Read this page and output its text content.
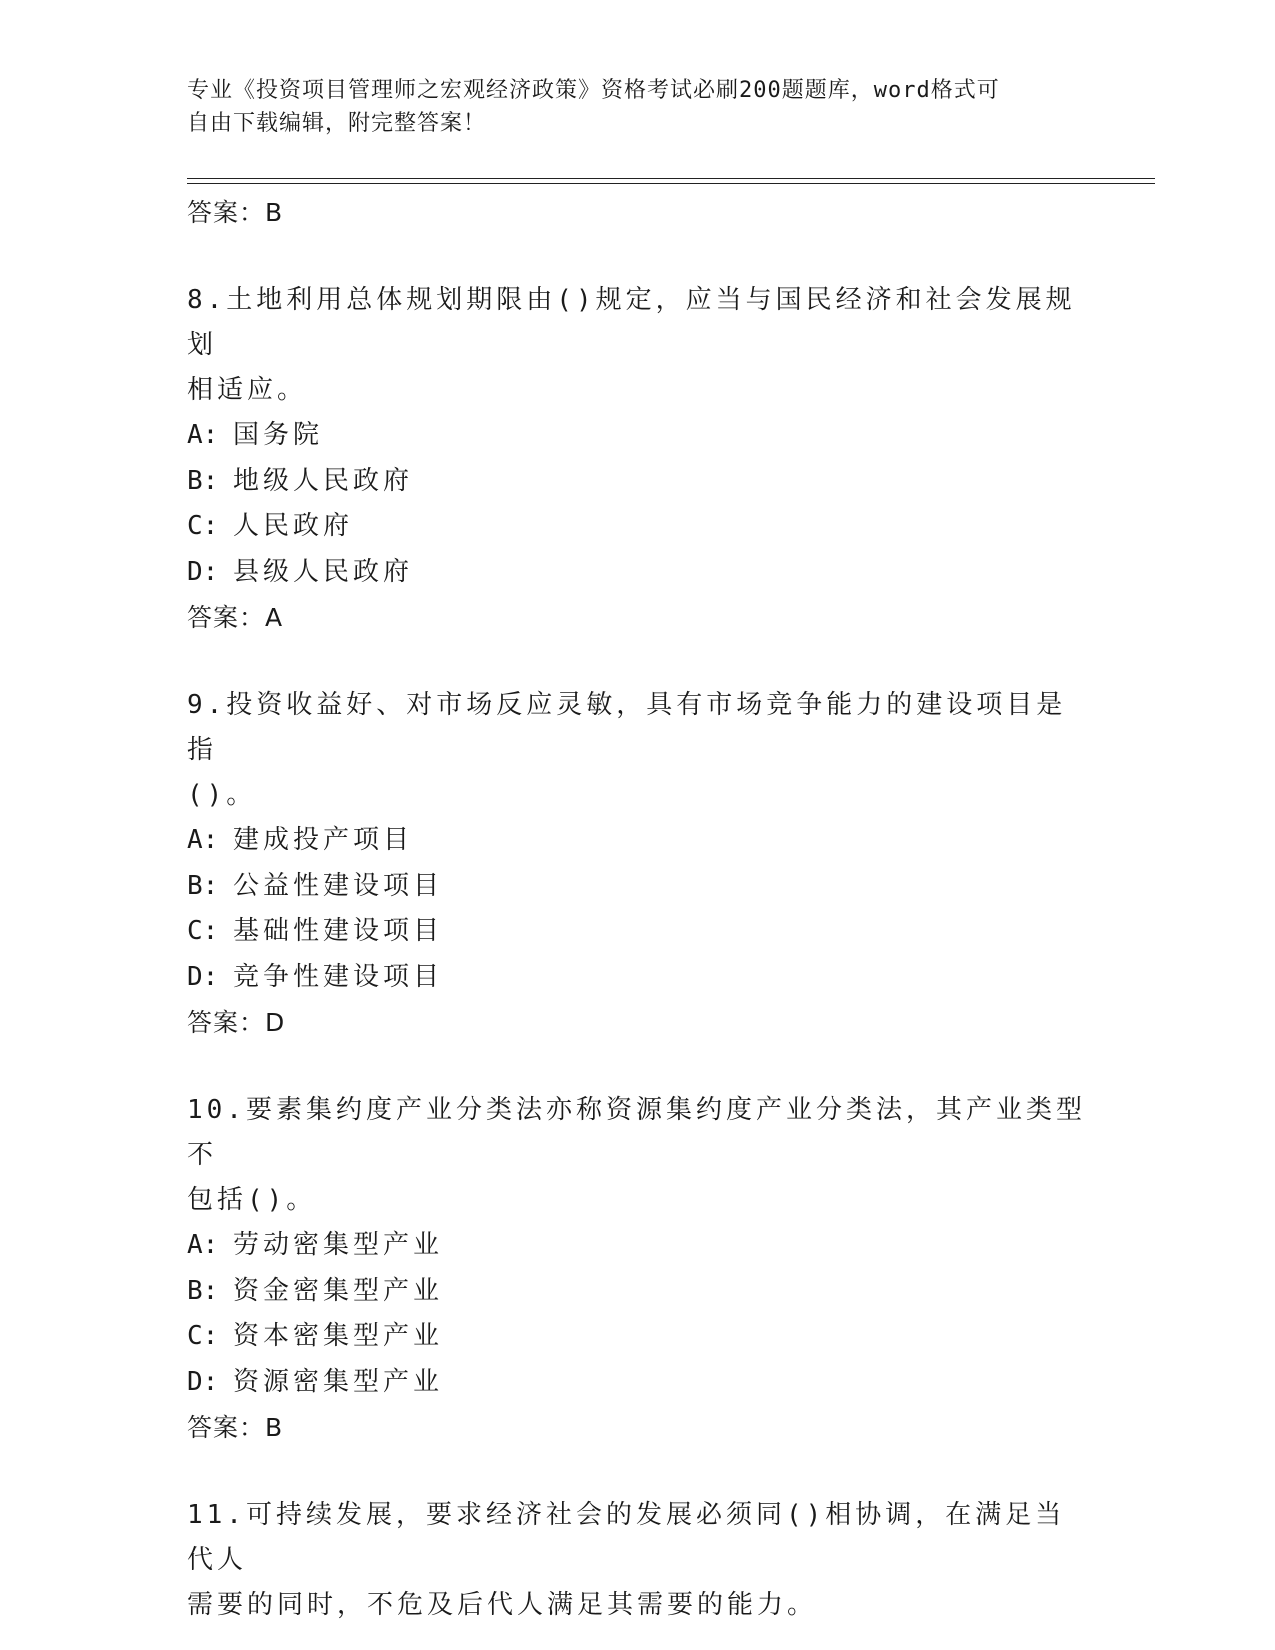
专业《投资项目管理师之宏观经济政策》资格考试必刷200题题库，word格式可
自由下载编辑，附完整答案！
答案：B
8.土地利用总体规划期限由()规定，应当与国民经济和社会发展规划
相适应。
A: 国务院
B: 地级人民政府
C: 人民政府
D: 县级人民政府
答案：A
9.投资收益好、对市场反应灵敏，具有市场竞争能力的建设项目是指
()。
A: 建成投产项目
B: 公益性建设项目
C: 基础性建设项目
D: 竞争性建设项目
答案：D
10.要素集约度产业分类法亦称资源集约度产业分类法，其产业类型不
包括()。
A: 劳动密集型产业
B: 资金密集型产业
C: 资本密集型产业
D: 资源密集型产业
答案：B
11.可持续发展，要求经济社会的发展必须同()相协调，在满足当代人
需要的同时，不危及后代人满足其需要的能力。
